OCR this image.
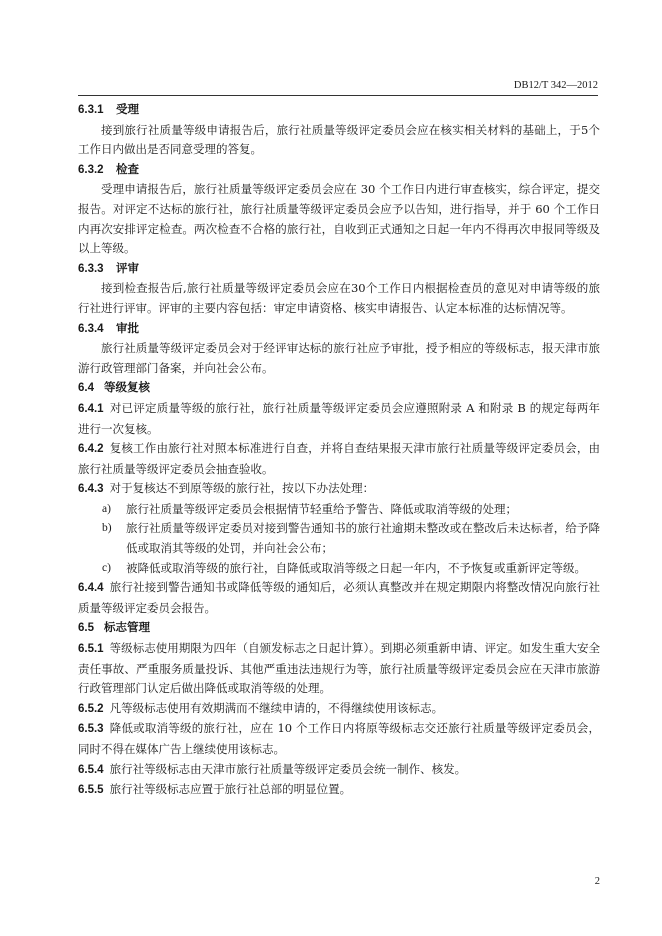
DB12/T 342—2012

6.3.1 受理

接到旅行社质量等级申请报告后，旅行社质量等级评定委员会应在核实相关材料的基础上，于5个工作日内做出是否同意受理的答复。

6.3.2 检查

受理申请报告后，旅行社质量等级评定委员会应在 30 个工作日内进行审查核实，综合评定，提交报告。对评定不达标的旅行社，旅行社质量等级评定委员会应予以告知，进行指导，并于 60 个工作日内再次安排评定检查。两次检查不合格的旅行社，自收到正式通知之日起一年内不得再次申报同等级及以上等级。

6.3.3 评审

接到检查报告后,旅行社质量等级评定委员会应在30个工作日内根据检查员的意见对申请等级的旅行社进行评审。评审的主要内容包括：审定申请资格、核实申请报告、认定本标准的达标情况等。

6.3.4 审批

旅行社质量等级评定委员会对于经评审达标的旅行社应予审批，授予相应的等级标志，报天津市旅游行政管理部门备案，并向社会公布。

6.4 等级复核

6.4.1 对已评定质量等级的旅行社，旅行社质量等级评定委员会应遵照附录 A 和附录 B 的规定每两年进行一次复核。

6.4.2 复核工作由旅行社对照本标准进行自查，并将自查结果报天津市旅行社质量等级评定委员会，由旅行社质量等级评定委员会抽查验收。

6.4.3 对于复核达不到原等级的旅行社，按以下办法处理：

a) 旅行社质量等级评定委员会根据情节轻重给予警告、降低或取消等级的处理；

b) 旅行社质量等级评定委员对接到警告通知书的旅行社逾期未整改或在整改后未达标者，给予降低或取消其等级的处罚，并向社会公布；

c) 被降低或取消等级的旅行社，自降低或取消等级之日起一年内，不予恢复或重新评定等级。

6.4.4 旅行社接到警告通知书或降低等级的通知后，必须认真整改并在规定期限内将整改情况向旅行社质量等级评定委员会报告。

6.5 标志管理

6.5.1 等级标志使用期限为四年（自颁发标志之日起计算）。到期必须重新申请、评定。如发生重大安全责任事故、严重服务质量投诉、其他严重违法违规行为等，旅行社质量等级评定委员会应在天津市旅游行政管理部门认定后做出降低或取消等级的处理。

6.5.2 凡等级标志使用有效期满而不继续申请的，不得继续使用该标志。

6.5.3 降低或取消等级的旅行社，应在 10 个工作日内将原等级标志交还旅行社质量等级评定委员会，同时不得在媒体广告上继续使用该标志。

6.5.4 旅行社等级标志由天津市旅行社质量等级评定委员会统一制作、核发。

6.5.5 旅行社等级标志应置于旅行社总部的明显位置。

2
